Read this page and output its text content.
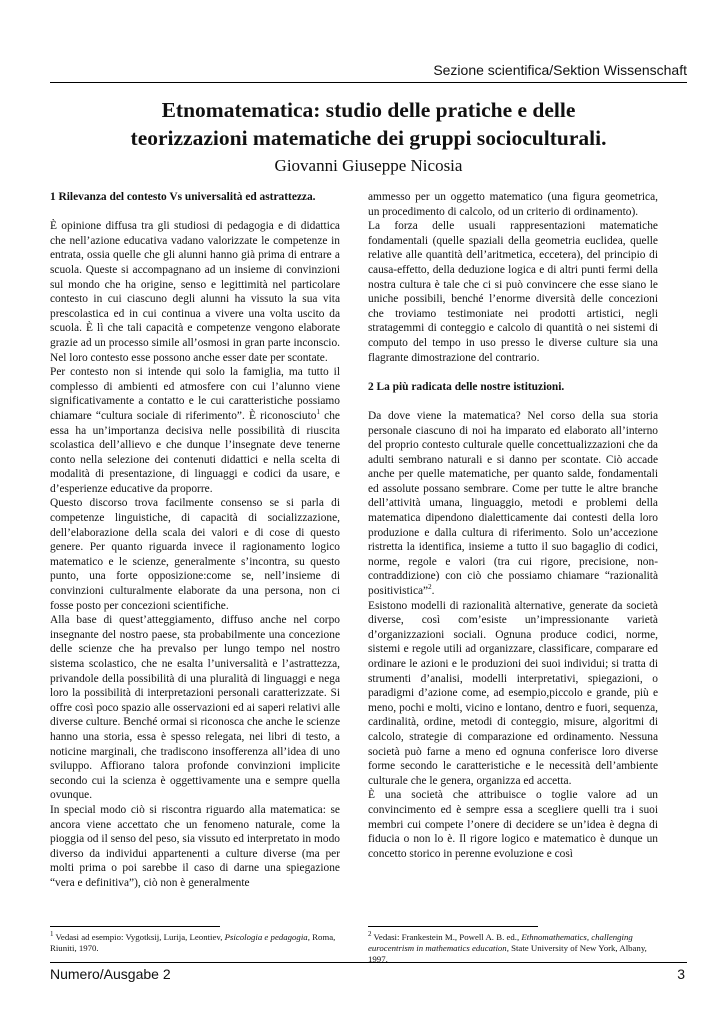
Sezione scientifica/Sektion Wissenschaft
Etnomatematica: studio delle pratiche e delle
teorizzazioni matematiche dei gruppi socioculturali.

Giovanni Giuseppe Nicosia

1 Rilevanza del contesto Vs universalità ed astrattezza.

È opinione diffusa tra gli studiosi di pedagogia e di didattica che nell’azione educativa vadano valorizzate le competenze in entrata, ossia quelle che gli alunni hanno già prima di entrare a scuola. Queste si accompagnano ad un insieme di convinzioni sul mondo che ha origine, senso e legittimità nel particolare contesto in cui ciascuno degli alunni ha vissuto la sua vita prescolastica ed in cui continua a vivere una volta uscito da scuola. È lì che tali capacità e competenze vengono elaborate grazie ad un processo simile all’osmosi in gran parte inconscio. Nel loro contesto esse possono anche esser date per scontate.

Per contesto non si intende qui solo la famiglia, ma tutto il complesso di ambienti ed atmosfere con cui l’alunno viene significativamente a contatto e le cui caratteristiche possiamo chiamare “cultura sociale di riferimento”. È riconosciuto$^1$ che essa ha un’importanza decisiva nelle possibilità di riuscita scolastica dell’allievo e che dunque l’insegnate deve tenerne conto nella selezione dei contenuti didattici e nella scelta di modalità di presentazione, di linguaggi e codici da usare, e d’esperienze educative da proporre.

Questo discorso trova facilmente consenso se si parla di competenze linguistiche, di capacità di socializzazione, dell’elaborazione della scala dei valori e di cose di questo genere. Per quanto riguarda invece il ragionamento logico matematico e le scienze, generalmente s’incontra, su questo punto, una forte opposizione:come se, nell’insieme di convinzioni culturalmente elaborate da una persona, non ci fosse posto per concezioni scientifiche.

Alla base di quest’atteggiamento, diffuso anche nel corpo insegnante del nostro paese, sta probabilmente una concezione delle scienze che ha prevalso per lungo tempo nel nostro sistema scolastico, che ne esalta l’universalità e l’astrattezza, privandole della possibilità di una pluralità di linguaggi e nega loro la possibilità di interpretazioni personali caratterizzate. Si offre così poco spazio alle osservazioni ed ai saperi relativi alle diverse culture. Benché ormai si riconosca che anche le scienze hanno una storia, essa è spesso relegata, nei libri di testo, a noticine marginali, che tradiscono insofferenza all’idea di uno sviluppo. Affiorano talora profonde convinzioni implicite secondo cui la scienza è oggettivamente una e sempre quella ovunque.

In special modo ciò si riscontra riguardo alla matematica: se ancora viene accettato che un fenomeno naturale, come la pioggia od il senso del peso, sia vissuto ed interpretato in modo diverso da individui appartenenti a culture diverse (ma per molti prima o poi sarebbe il caso di darne una spiegazione “vera e definitiva”), ciò non è generalmente

ammesso per un oggetto matematico (una figura geometrica, un procedimento di calcolo, od un criterio di ordinamento).

La forza delle usuali rappresentazioni matematiche fondamentali (quelle spaziali della geometria euclidea, quelle relative alle quantità dell’aritmetica, eccetera), del principio di causa-effetto, della deduzione logica e di altri punti fermi della nostra cultura è tale che ci si può convincere che esse siano le uniche possibili, benché l’enorme diversità delle concezioni che troviamo testimoniate nei prodotti artistici, negli stratagemmi di conteggio e calcolo di quantità o nei sistemi di computo del tempo in uso presso le diverse culture sia una flagrante dimostrazione del contrario.

2 La più radicata delle nostre istituzioni.

Da dove viene la matematica? Nel corso della sua storia personale ciascuno di noi ha imparato ed elaborato all’interno del proprio contesto culturale quelle concettualizzazioni che da adulti sembrano naturali e si danno per scontate. Ciò accade anche per quelle matematiche, per quanto salde, fondamentali ed assolute possano sembrare. Come per tutte le altre branche dell’attività umana, linguaggio, metodi e problemi della matematica dipendono dialetticamente dai contesti della loro produzione e dalla cultura di riferimento. Solo un’accezione ristretta la identifica, insieme a tutto il suo bagaglio di codici, norme, regole e valori (tra cui rigore, precisione, non-contraddizione) con ciò che possiamo chiamare “razionalità positivistica”$^2$.

Esistono modelli di razionalità alternative, generate da società diverse, così com’esiste un’impressionante varietà d’organizzazioni sociali. Ognuna produce codici, norme, sistemi e regole utili ad organizzare, classificare, comparare ed ordinare le azioni e le produzioni dei suoi individui; si tratta di strumenti d’analisi, modelli interpretativi, spiegazioni, o paradigmi d’azione come, ad esempio,piccolo e grande, più e meno, pochi e molti, vicino e lontano, dentro e fuori, sequenza, cardinalità, ordine, metodi di conteggio, misure, algoritmi di calcolo, strategie di comparazione ed ordinamento. Nessuna società può farne a meno ed ognuna conferisce loro diverse forme secondo le caratteristiche e le necessità dell’ambiente culturale che le genera, organizza ed accetta.

È una società che attribuisce o toglie valore ad un convincimento ed è sempre essa a scegliere quelli tra i suoi membri cui compete l’onere di decidere se un’idea è degna di fiducia o non lo è. Il rigore logico e matematico è dunque un concetto storico in perenne evoluzione e così

$^1$ Vedasi ad esempio: Vygotksij, Lurija, Leontiev, Psicologia e pedagogia, Roma, Riuniti, 1970.
$^2$ Vedasi: Frankestein M., Powell A. B. ed., Ethnomathematics, challenging eurocentrism in mathematics education, State University of New York, Albany, 1997.
Numero/Ausgabe 2	3
